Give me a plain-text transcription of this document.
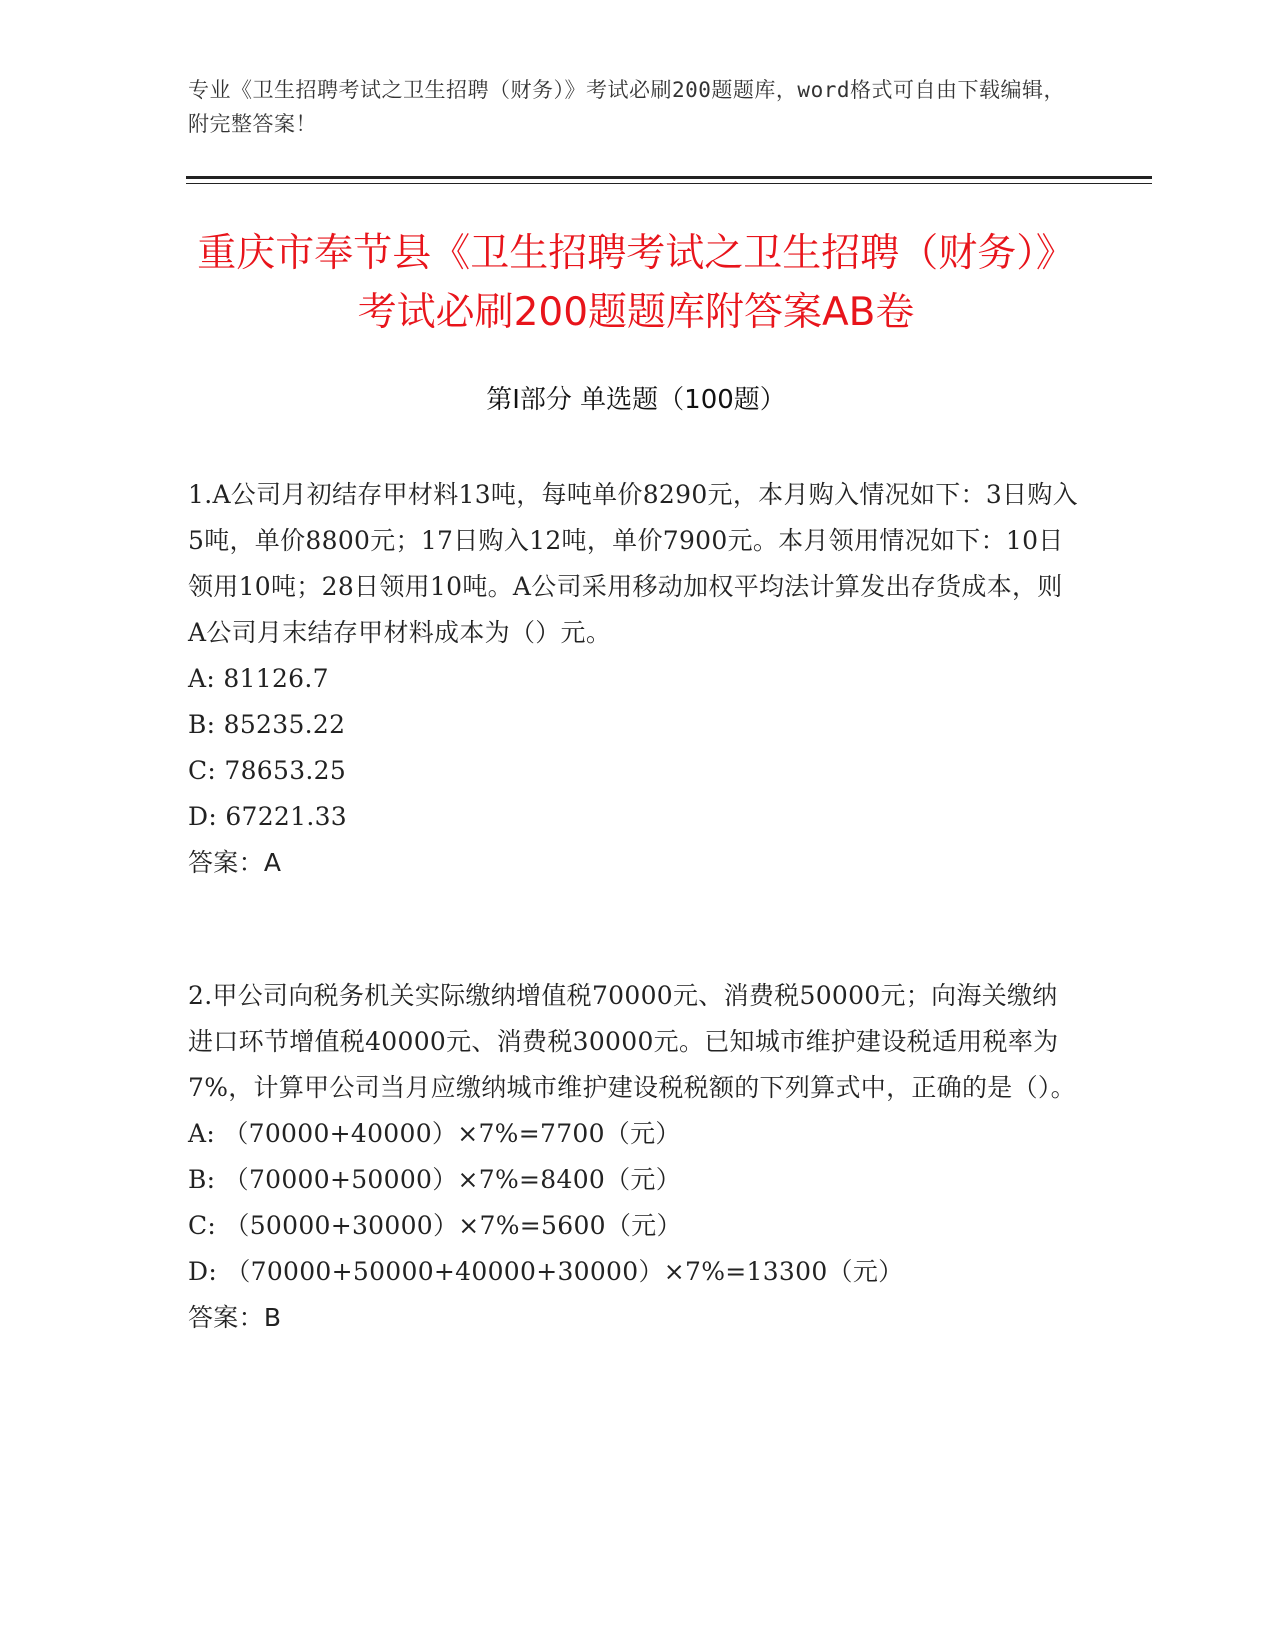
专业《卫生招聘考试之卫生招聘（财务）》考试必刷200题题库，word格式可自由下载编辑，附完整答案！
重庆市奉节县《卫生招聘考试之卫生招聘（财务）》考试必刷200题题库附答案AB卷
第Ⅰ部分 单选题（100题）

1.A公司月初结存甲材料13吨，每吨单价8290元，本月购入情况如下：3日购入5吨，单价8800元；17日购入12吨，单价7900元。本月领用情况如下：10日领用10吨；28日领用10吨。A公司采用移动加权平均法计算发出存货成本，则A公司月末结存甲材料成本为（）元。

A: 81126.7

B: 85235.22

C: 78653.25

D: 67221.33

答案：A

2.甲公司向税务机关实际缴纳增值税70000元、消费税50000元；向海关缴纳进口环节增值税40000元、消费税30000元。已知城市维护建设税适用税率为7%，计算甲公司当月应缴纳城市维护建设税税额的下列算式中，正确的是（）。

A: （70000+40000）×7%=7700（元）

B: （70000+50000）×7%=8400（元）

C: （50000+30000）×7%=5600（元）

D: （70000+50000+40000+30000）×7%=13300（元）

答案：B
